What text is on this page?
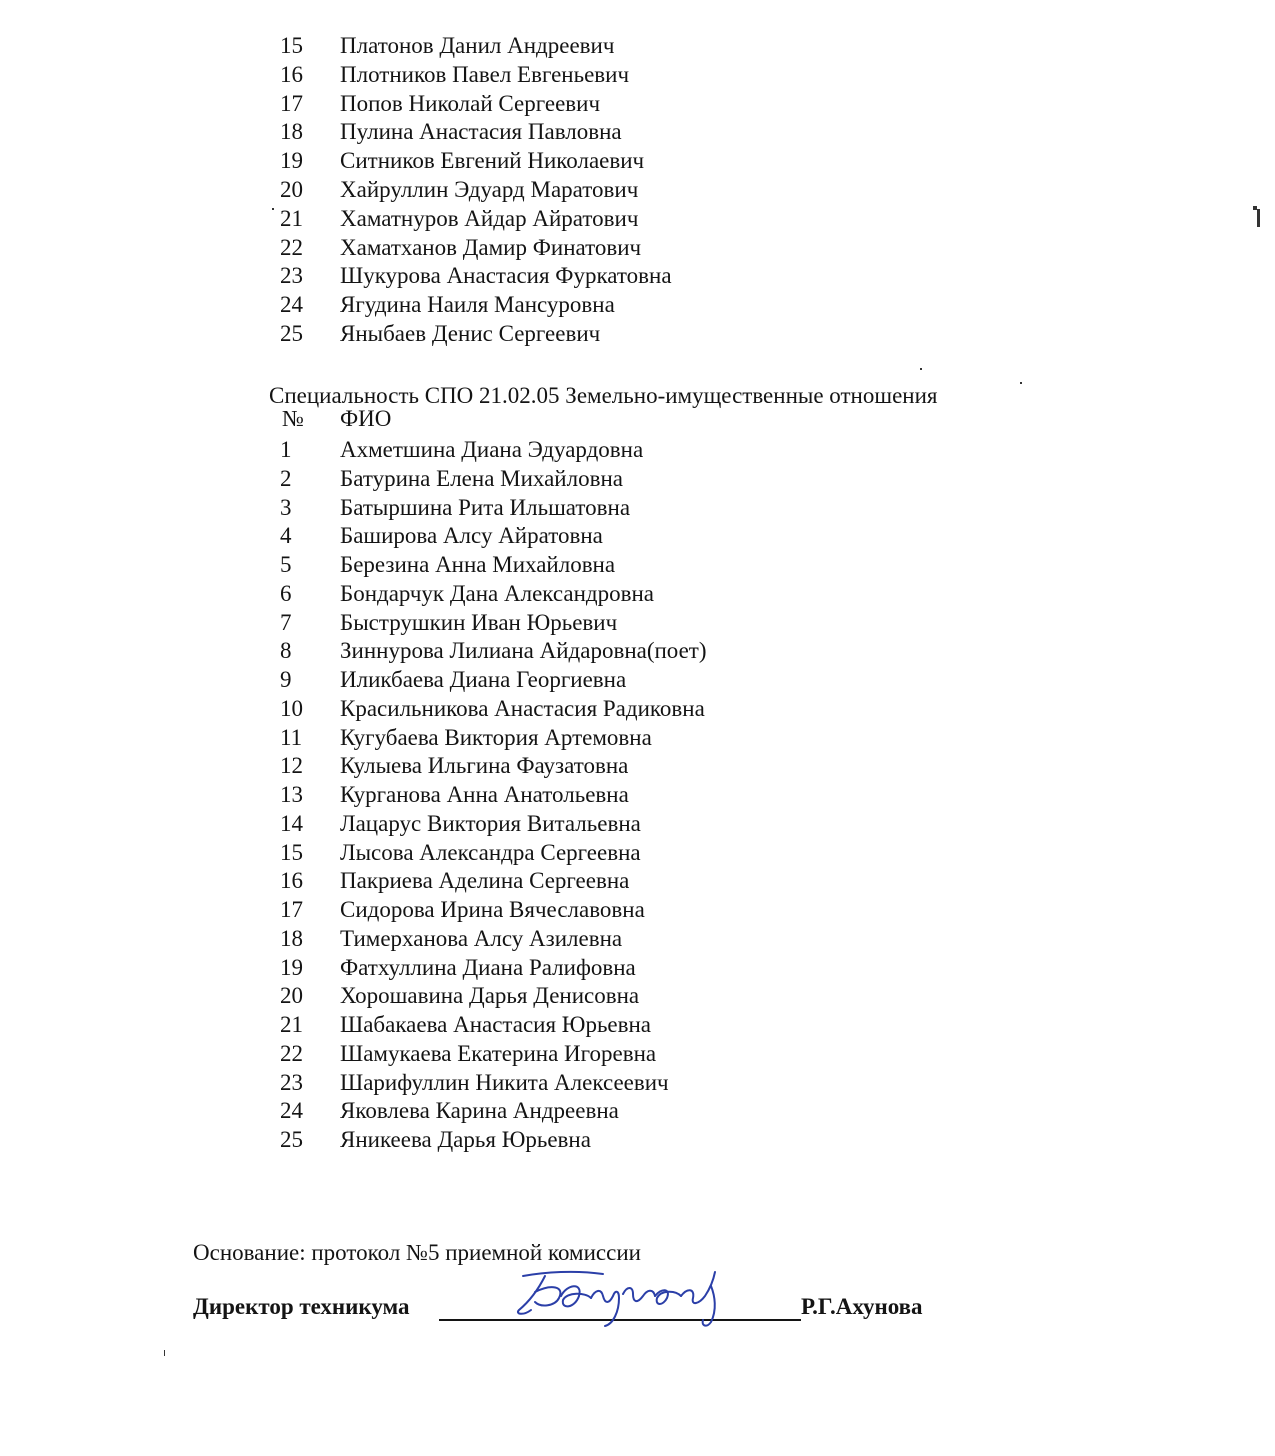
15 Платонов Данил Андреевич
16 Плотников Павел Евгеньевич
17 Попов Николай Сергеевич
18 Пулина Анастасия Павловна
19 Ситников Евгений Николаевич
20 Хайруллин Эдуард Маратович
21 Хаматнуров Айдар Айратович
22 Хаматханов Дамир Финатович
23 Шукурова Анастасия Фуркатовна
24 Ягудина Наиля Мансуровна
25 Яныбаев Денис Сергеевич
Специальность СПО 21.02.05 Земельно-имущественные отношения
№ ФИО
1 Ахметшина Диана Эдуардовна
2 Батурина Елена Михайловна
3 Батыршина Рита Ильшатовна
4 Баширова Алсу Айратовна
5 Березина Анна Михайловна
6 Бондарчук Дана Александровна
7 Быструшкин Иван Юрьевич
8 Зиннурова Лилиана Айдаровна(поет)
9 Иликбаева Диана Георгиевна
10 Красильникова Анастасия Радиковна
11 Кугубаева Виктория Артемовна
12 Кулыева Ильгина Фаузатовна
13 Курганова Анна Анатольевна
14 Лацарус Виктория Витальевна
15 Лысова Александра Сергеевна
16 Пакриева Аделина Сергеевна
17 Сидорова Ирина Вячеславовна
18 Тимерханова Алсу Азилевна
19 Фатхуллина Диана Ралифовна
20 Хорошавина Дарья Денисовна
21 Шабакаева Анастасия Юрьевна
22 Шамукаева Екатерина Игоревна
23 Шарифуллин Никита Алексеевич
24 Яковлева Карина Андреевна
25 Яникеева Дарья Юрьевна
Основание: протокол №5 приемной комиссии
Директор техникума	Р.Г.Ахунова
